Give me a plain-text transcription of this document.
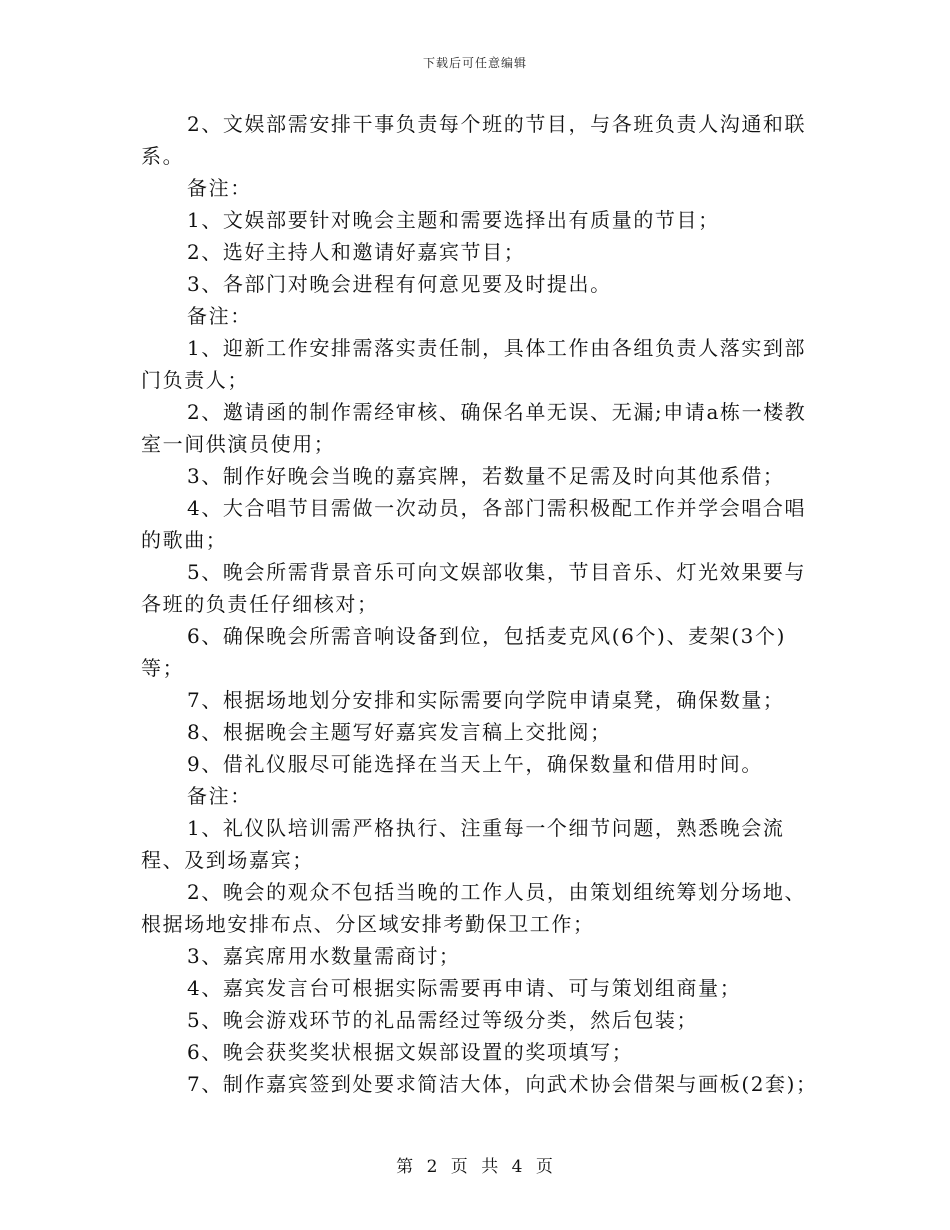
下载后可任意编辑

2、文娱部需安排干事负责每个班的节目，与各班负责人沟通和联系。

备注：

1、文娱部要针对晚会主题和需要选择出有质量的节目；

2、选好主持人和邀请好嘉宾节目；

3、各部门对晚会进程有何意见要及时提出。

备注：

1、迎新工作安排需落实责任制，具体工作由各组负责人落实到部门负责人；

2、邀请函的制作需经审核、确保名单无误、无漏;申请a栋一楼教室一间供演员使用；

3、制作好晚会当晚的嘉宾牌，若数量不足需及时向其他系借；

4、大合唱节目需做一次动员，各部门需积极配工作并学会唱合唱的歌曲；

5、晚会所需背景音乐可向文娱部收集，节目音乐、灯光效果要与各班的负责任仔细核对；

6、确保晚会所需音响设备到位，包括麦克风(6个)、麦架(3个)等；

7、根据场地划分安排和实际需要向学院申请桌凳，确保数量；

8、根据晚会主题写好嘉宾发言稿上交批阅；

9、借礼仪服尽可能选择在当天上午，确保数量和借用时间。

备注：

1、礼仪队培训需严格执行、注重每一个细节问题，熟悉晚会流程、及到场嘉宾；

2、晚会的观众不包括当晚的工作人员，由策划组统筹划分场地、根据场地安排布点、分区域安排考勤保卫工作；

3、嘉宾席用水数量需商讨；

4、嘉宾发言台可根据实际需要再申请、可与策划组商量；

5、晚会游戏环节的礼品需经过等级分类，然后包装；

6、晚会获奖奖状根据文娱部设置的奖项填写；

7、制作嘉宾签到处要求简洁大体，向武术协会借架与画板(2套)；

第 2 页 共 4 页
